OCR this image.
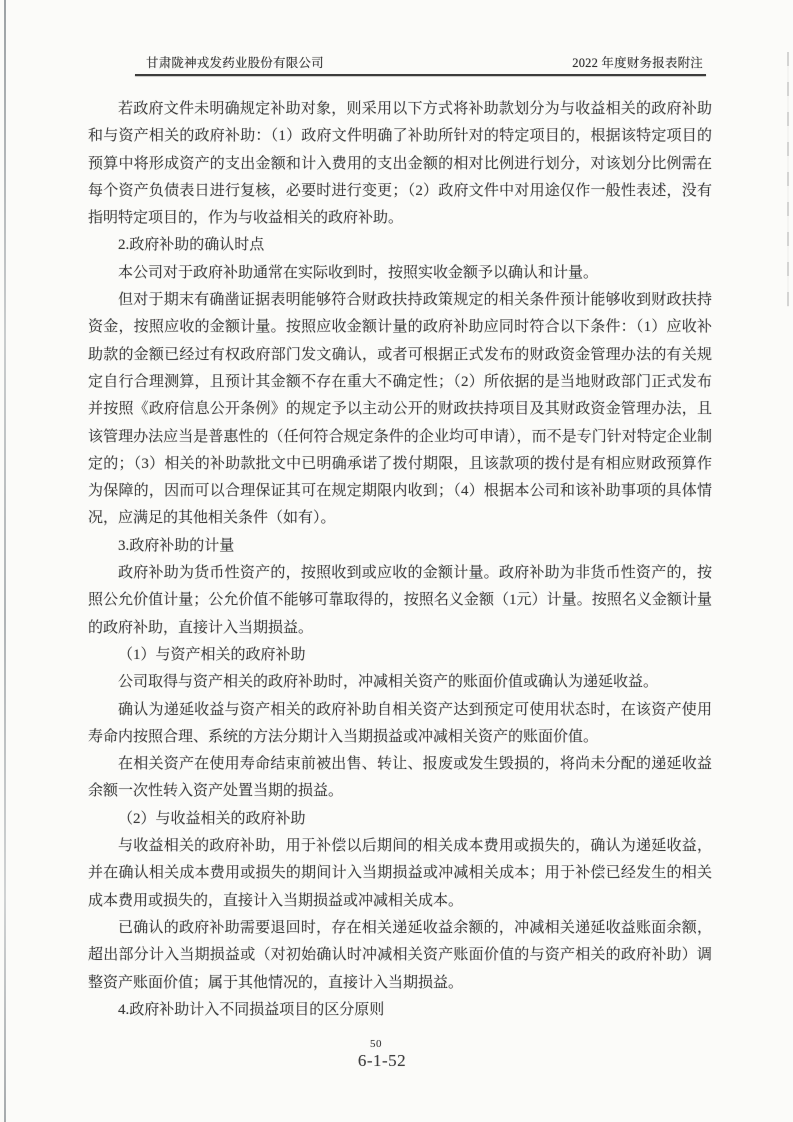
甘肃陇神戎发药业股份有限公司	2022 年度财务报表附注

若政府文件未明确规定补助对象，则采用以下方式将补助款划分为与收益相关的政府补助和与资产相关的政府补助：（1）政府文件明确了补助所针对的特定项目的，根据该特定项目的预算中将形成资产的支出金额和计入费用的支出金额的相对比例进行划分，对该划分比例需在每个资产负债表日进行复核，必要时进行变更；（2）政府文件中对用途仅作一般性表述，没有指明特定项目的，作为与收益相关的政府补助。

2.政府补助的确认时点

本公司对于政府补助通常在实际收到时，按照实收金额予以确认和计量。

但对于期末有确凿证据表明能够符合财政扶持政策规定的相关条件预计能够收到财政扶持资金，按照应收的金额计量。按照应收金额计量的政府补助应同时符合以下条件：（1）应收补助款的金额已经过有权政府部门发文确认，或者可根据正式发布的财政资金管理办法的有关规定自行合理测算，且预计其金额不存在重大不确定性；（2）所依据的是当地财政部门正式发布并按照《政府信息公开条例》的规定予以主动公开的财政扶持项目及其财政资金管理办法，且该管理办法应当是普惠性的（任何符合规定条件的企业均可申请），而不是专门针对特定企业制定的；（3）相关的补助款批文中已明确承诺了拨付期限，且该款项的拨付是有相应财政预算作为保障的，因而可以合理保证其可在规定期限内收到；（4）根据本公司和该补助事项的具体情况，应满足的其他相关条件（如有）。

3.政府补助的计量

政府补助为货币性资产的，按照收到或应收的金额计量。政府补助为非货币性资产的，按照公允价值计量；公允价值不能够可靠取得的，按照名义金额（1元）计量。按照名义金额计量的政府补助，直接计入当期损益。

（1）与资产相关的政府补助

公司取得与资产相关的政府补助时，冲减相关资产的账面价值或确认为递延收益。

确认为递延收益与资产相关的政府补助自相关资产达到预定可使用状态时，在该资产使用寿命内按照合理、系统的方法分期计入当期损益或冲减相关资产的账面价值。

在相关资产在使用寿命结束前被出售、转让、报废或发生毁损的，将尚未分配的递延收益余额一次性转入资产处置当期的损益。

（2）与收益相关的政府补助

与收益相关的政府补助，用于补偿以后期间的相关成本费用或损失的，确认为递延收益，并在确认相关成本费用或损失的期间计入当期损益或冲减相关成本；用于补偿已经发生的相关成本费用或损失的，直接计入当期损益或冲减相关成本。

已确认的政府补助需要退回时，存在相关递延收益余额的，冲减相关递延收益账面余额，超出部分计入当期损益或（对初始确认时冲减相关资产账面价值的与资产相关的政府补助）调整资产账面价值；属于其他情况的，直接计入当期损益。

4.政府补助计入不同损益项目的区分原则

50
6-1-52
